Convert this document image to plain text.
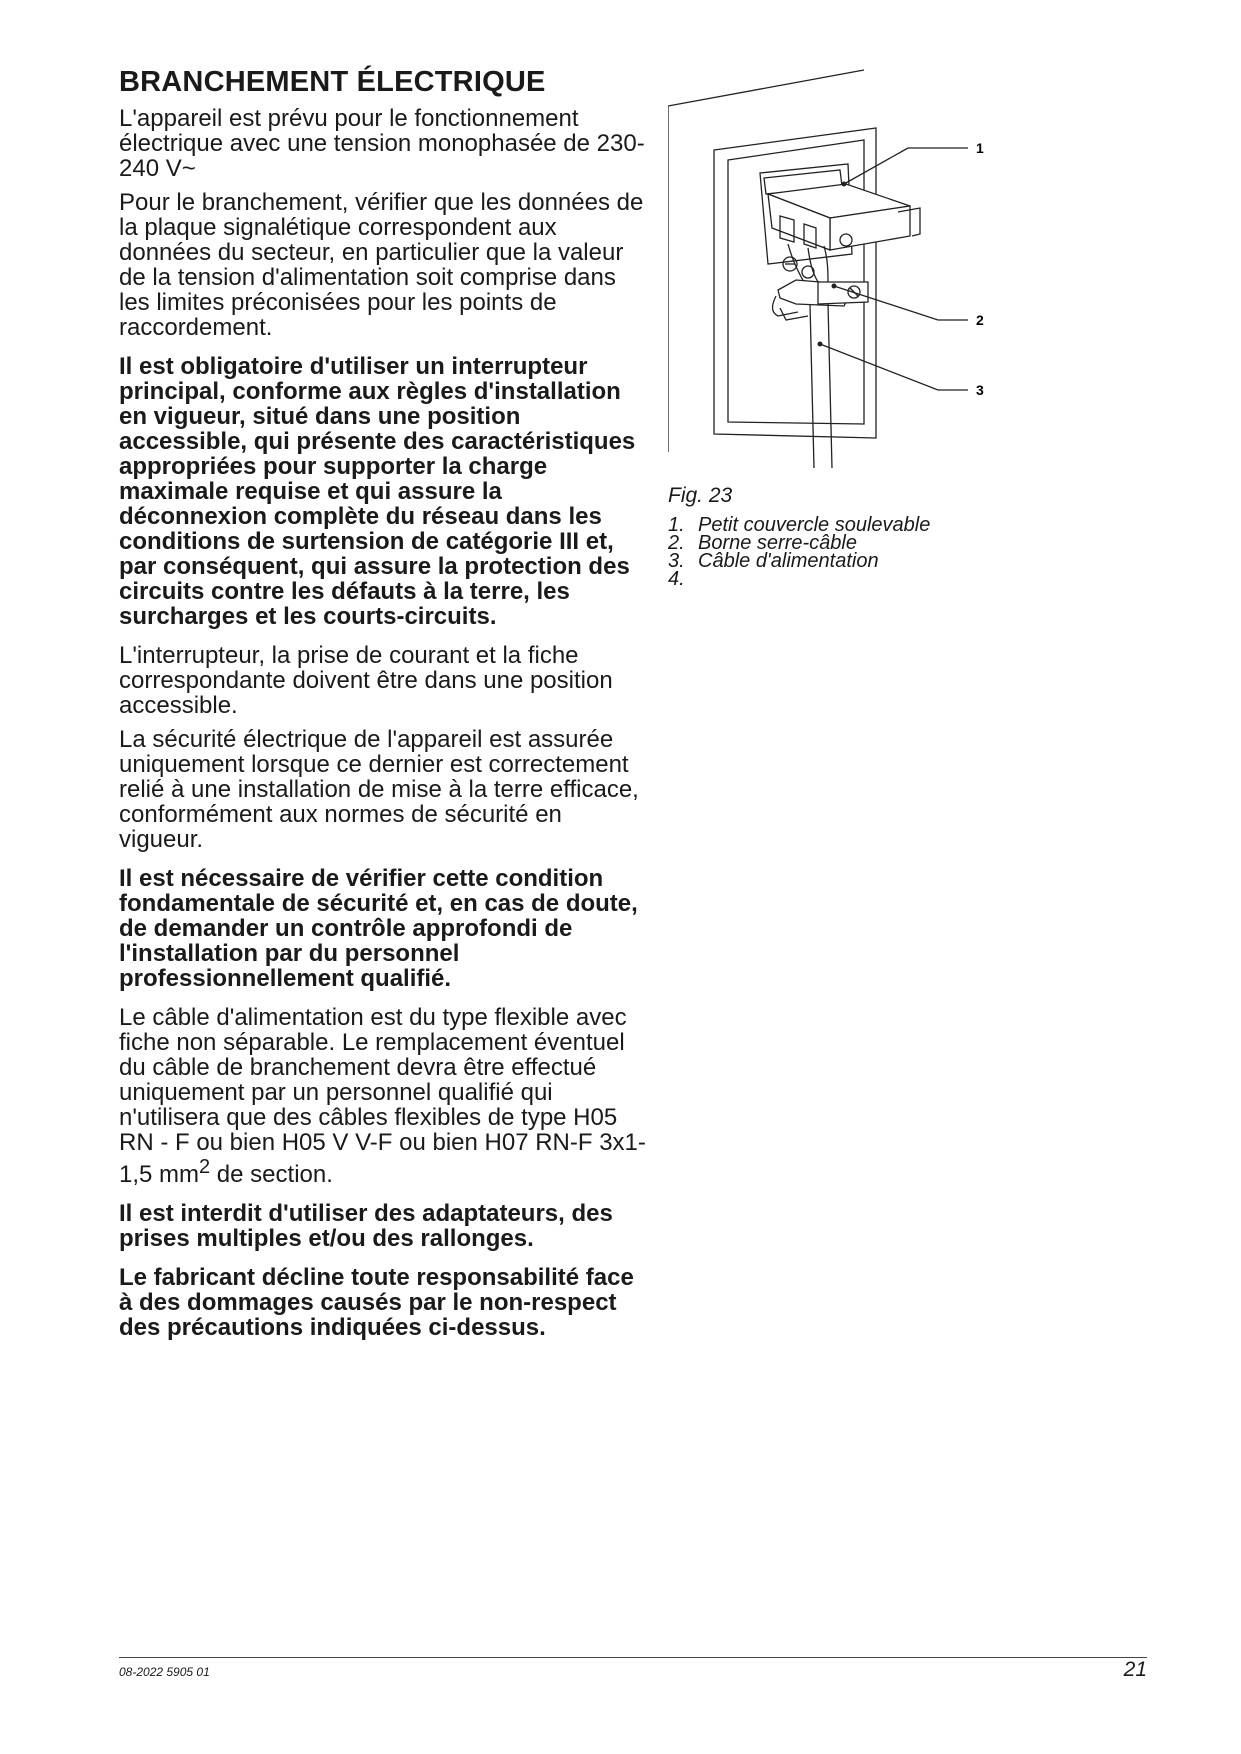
BRANCHEMENT ÉLECTRIQUE

L'appareil est prévu pour le fonctionnement électrique avec une tension monophasée de 230-240 V~

Pour le branchement, vérifier que les données de la plaque signalétique correspondent aux données du secteur, en particulier que la valeur de la tension d'alimentation soit comprise dans les limites préconisées pour les points de raccordement.

Il est obligatoire d'utiliser un interrupteur principal, conforme aux règles d'installation en vigueur, situé dans une position accessible, qui présente des caractéristiques appropriées pour supporter la charge maximale requise et qui assure la déconnexion complète du réseau dans les conditions de surtension de catégorie III et, par conséquent, qui assure la protection des circuits contre les défauts à la terre, les surcharges et les courts-circuits.

L'interrupteur, la prise de courant et la fiche correspondante doivent être dans une position accessible.

La sécurité électrique de l'appareil est assurée uniquement lorsque ce dernier est correctement relié à une installation de mise à la terre efficace, conformément aux normes de sécurité en vigueur.

Il est nécessaire de vérifier cette condition fondamentale de sécurité et, en cas de doute, de demander un contrôle approfondi de l'installation par du personnel professionnellement qualifié.

Le câble d'alimentation est du type flexible avec fiche non séparable. Le remplacement éventuel du câble de branchement devra être effectué uniquement par un personnel qualifié qui n'utilisera que des câbles flexibles de type H05 RN - F ou bien H05 V V-F ou bien H07 RN-F 3x1-1,5 $mm^2$ de section.

Il est interdit d'utiliser des adaptateurs, des prises multiples et/ou des rallonges.

Le fabricant décline toute responsabilité face à des dommages causés par le non-respect des précautions indiquées ci-dessus.

1
2
3
Fig. 23
1. Petit couvercle soulevable
2. Borne serre-câble
3. Câble d'alimentation
4.
08-2022 5905 01	21
